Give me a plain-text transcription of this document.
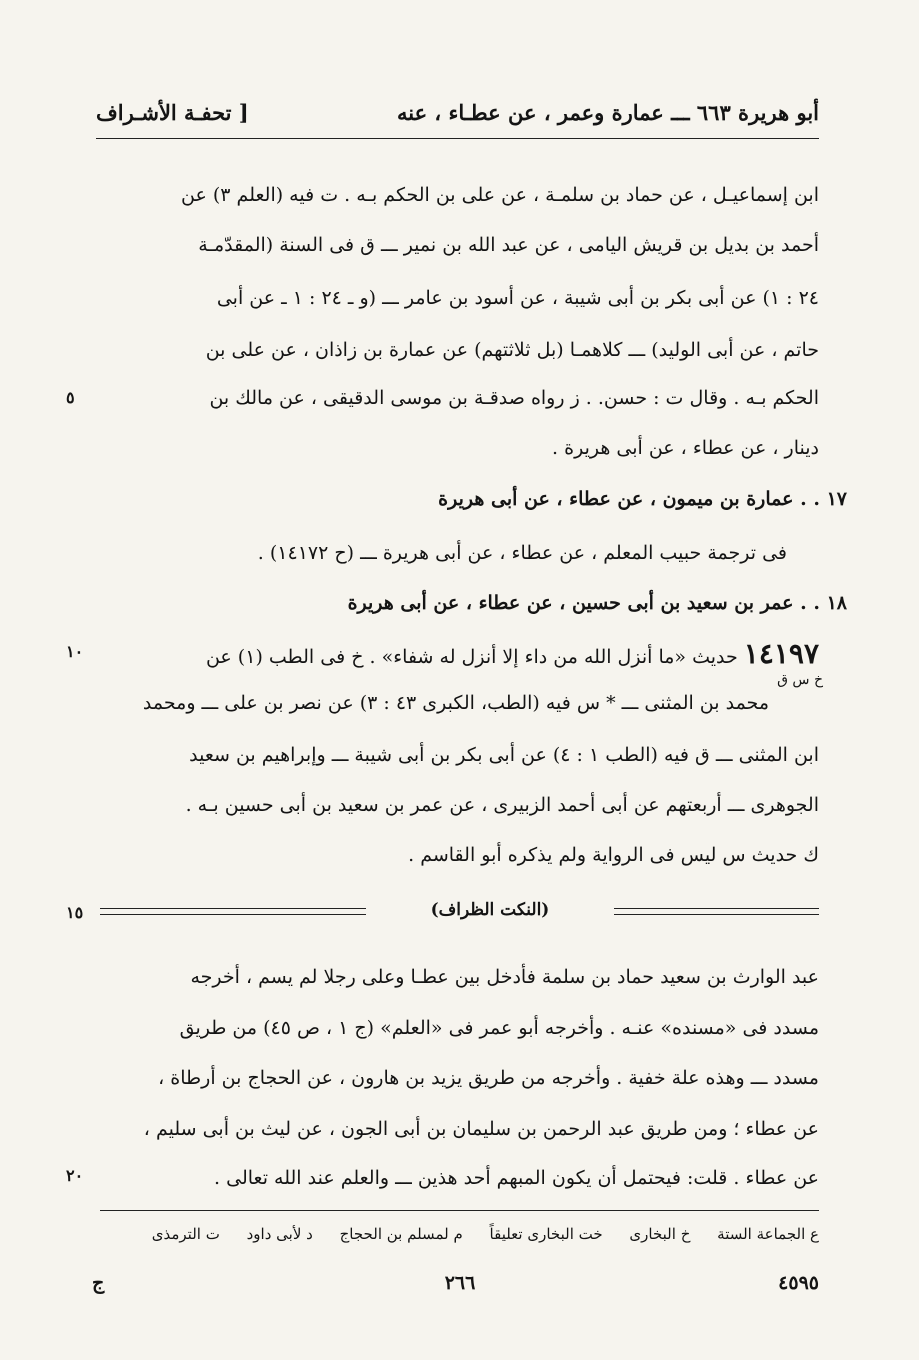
أبو هريرة ٦٦٣ ـــ عمارة وعمر ، عن عطـاء ، عنه
[ تحفـة الأشـراف
ابن إسماعيـل ، عن حماد بن سلمـة ، عن على بن الحكم بـه . ت فيه (العلم ٣) عن
أحمد بن بديل بن قريش اليامى ، عن عبد الله بن نمير ـــ ق فى السنة (المقدّمـة
٢٤ : ١) عن أبى بكر بن أبى شيبة ، عن أسود بن عامر ـــ (و ـ ٢٤ : ١ ـ عن أبى
حاتم ، عن أبى الوليد) ـــ كلاهمـا (بل ثلاثتهم) عن عمارة بن زاذان ، عن على بن
الحكم بـه . وقال ت : حسن. . ز رواه صدقـة بن موسى الدقيقى ، عن مالك بن
دينار ، عن عطاء ، عن أبى هريرة .
١٧ . . عمارة بن ميمون ، عن عطاء ، عن أبى هريرة
فى ترجمة حبيب المعلم ، عن عطاء ، عن أبى هريرة ـــ (ح ١٤١٧٢) .
١٨ . . عمر بن سعيد بن أبى حسين ، عن عطاء ، عن أبى هريرة
١٤١٩٧ حديث «ما أنزل الله من داء إلا أنزل له شفاء» . خ فى الطب (١) عن
خ س ق
محمد بن المثنى ـــ * س فيه (الطب، الكبرى ٤٣ : ٣) عن نصر بن على ـــ ومحمد
ابن المثنى ـــ ق فيه (الطب ١ : ٤) عن أبى بكر بن أبى شيبة ـــ وإبراهيم بن سعيد
الجوهرى ـــ أربعتهم عن أبى أحمد الزبيرى ، عن عمر بن سعيد بن أبى حسين بـه .
ك حديث س ليس فى الرواية ولم يذكره أبو القاسم .
٥
١٠
١٥
٢٠
(النكت الظراف)
عبد الوارث بن سعيد حماد بن سلمة فأدخل بين عطـا وعلى رجلا لم يسم ، أخرجه
مسدد فى «مسنده» عنـه . وأخرجه أبو عمر فى «العلم» (ج ١ ، ص ٤٥) من طريق
مسدد ـــ وهذه علة خفية . وأخرجه من طريق يزيد بن هارون ، عن الحجاج بن أرطاة ،
عن عطاء ؛ ومن طريق عبد الرحمن بن سليمان بن أبى الجون ، عن ليث بن أبى سليم ،
عن عطاء . قلت: فيحتمل أن يكون المبهم أحد هذين ـــ والعلم عند الله تعالى .
ع الجماعة الستة خ البخارى خت البخارى تعليقاً م لمسلم بن الحجاج د لأبى داود ت الترمذى
٤٥٩٥
٢٦٦
ج
